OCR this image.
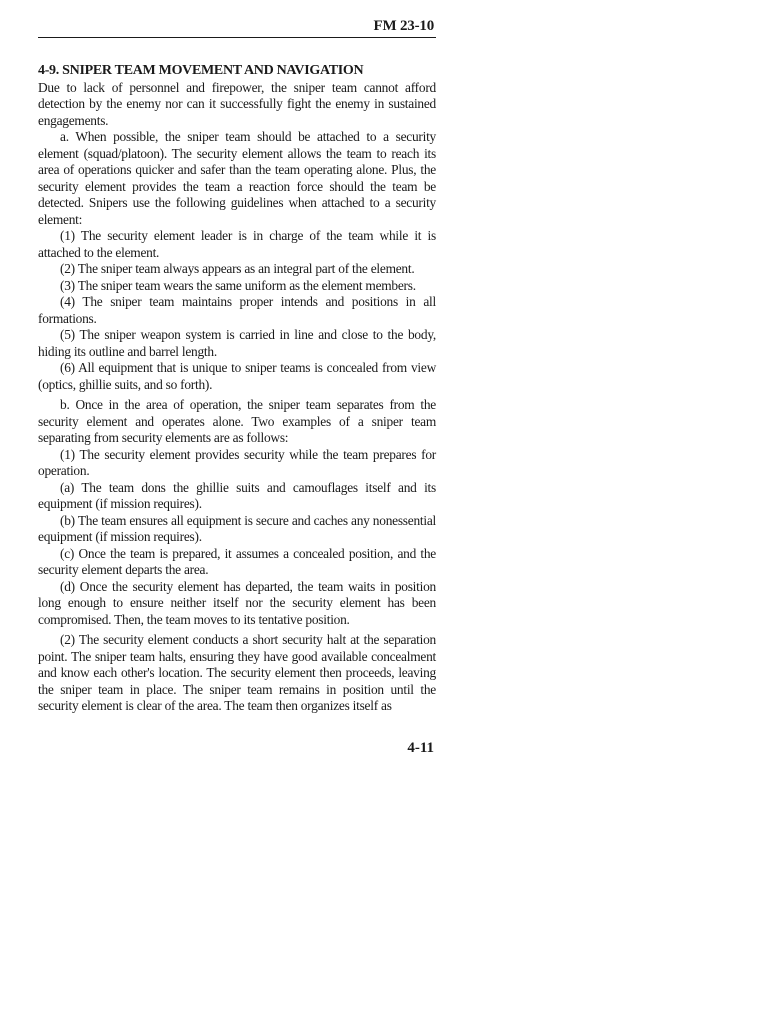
FM 23-10

4-9. SNIPER TEAM MOVEMENT AND NAVIGATION

Due to lack of personnel and firepower, the sniper team cannot afford detection by the enemy nor can it successfully fight the enemy in sustained engagements.

a. When possible, the sniper team should be attached to a security element (squad/platoon). The security element allows the team to reach its area of operations quicker and safer than the team operating alone. Plus, the security element provides the team a reaction force should the team be detected. Snipers use the following guidelines when attached to a security element:

(1) The security element leader is in charge of the team while it is attached to the element.

(2) The sniper team always appears as an integral part of the element.

(3) The sniper team wears the same uniform as the element members.

(4) The sniper team maintains proper intends and positions in all formations.

(5) The sniper weapon system is carried in line and close to the body, hiding its outline and barrel length.

(6) All equipment that is unique to sniper teams is concealed from view (optics, ghillie suits, and so forth).

b. Once in the area of operation, the sniper team separates from the security element and operates alone. Two examples of a sniper team separating from security elements are as follows:

(1) The security element provides security while the team prepares for operation.

(a) The team dons the ghillie suits and camouflages itself and its equipment (if mission requires).

(b) The team ensures all equipment is secure and caches any nonessential equipment (if mission requires).

(c) Once the team is prepared, it assumes a concealed position, and the security element departs the area.

(d) Once the security element has departed, the team waits in position long enough to ensure neither itself nor the security element has been compromised. Then, the team moves to its tentative position.

(2) The security element conducts a short security halt at the separation point. The sniper team halts, ensuring they have good available concealment and know each other's location. The security element then proceeds, leaving the sniper team in place. The sniper team remains in position until the security element is clear of the area. The team then organizes itself as

4-11
